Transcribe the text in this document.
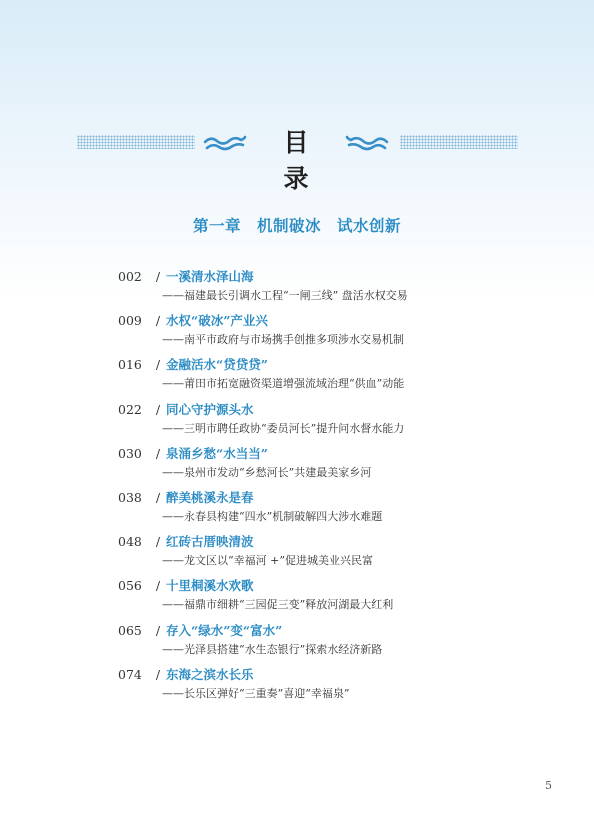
目 录
第一章　机制破冰　试水创新
002 / 一溪清水泽山海
——福建最长引调水工程“一闸三线” 盘活水权交易
009 / 水权“破冰”产业兴
——南平市政府与市场携手创推多项涉水交易机制
016 / 金融活水“贷贷贷”
——莆田市拓宽融资渠道增强流域治理“供血”动能
022 / 同心守护源头水
——三明市聘任政协“委员河长”提升问水督水能力
030 / 泉涌乡愁“水当当”
——泉州市发动“乡愁河长”共建最美家乡河
038 / 醉美桃溪永是春
——永春县构建“四水”机制破解四大涉水难题
048 / 红砖古厝映清波
——龙文区以“幸福河 +”促进城美业兴民富
056 / 十里桐溪水欢歌
——福鼎市细耕“三园促三变”释放河湖最大红利
065 / 存入“绿水”变“富水”
——光泽县搭建“水生态银行”探索水经济新路
074 / 东海之滨水长乐
——长乐区弹好“三重奏”喜迎“幸福泉”
5
